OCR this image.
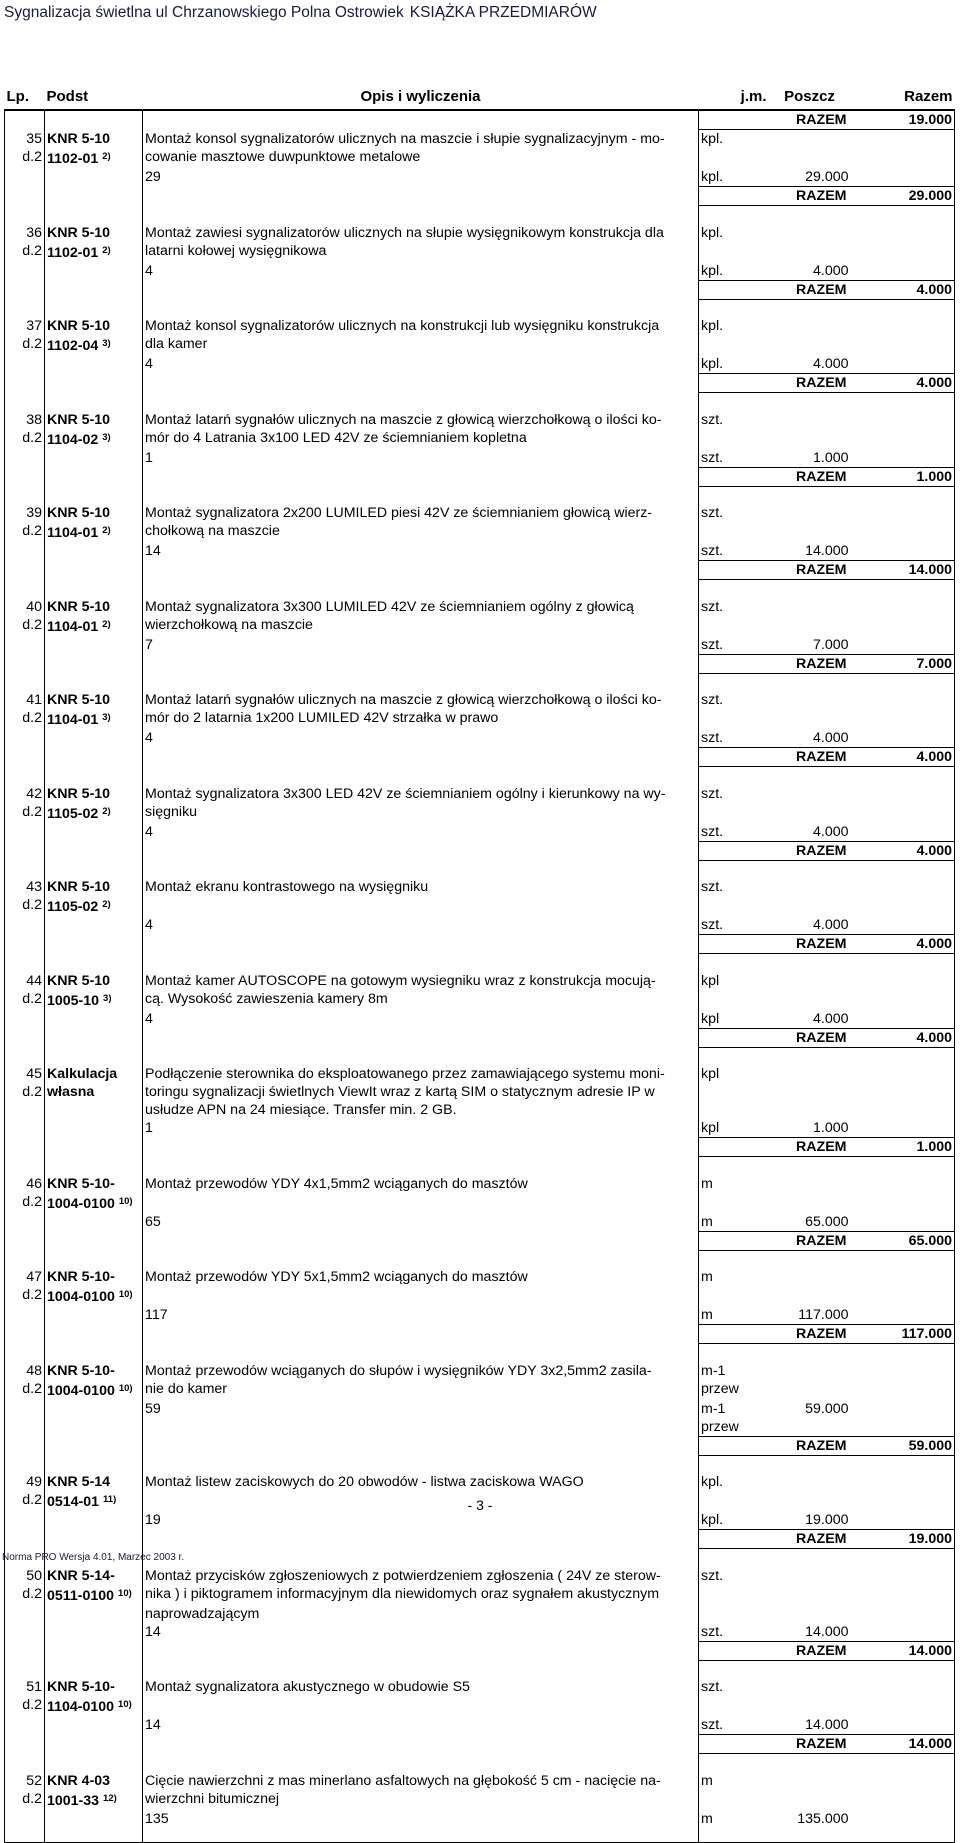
Sygnalizacja świetlna ul Chrzanowskiego Polna Ostrowiek KSIĄŻKA PRZEDMIARÓW
Lp.	Podst	Opis i wyliczenia	j.m.	Poszcz	Razem
			RAZEM		19.000
35	KNR 5-10	Montaż konsol sygnalizatorów ulicznych na maszcie i słupie sygnalizacyjnym - mo-	kpl.		
d.2	1102-01 $^{2)}$	cowanie masztowe duwpunktowe metalowe			
		29	kpl.	29.000	
			RAZEM		29.000

36	KNR 5-10	Montaż zawiesi sygnalizatorów ulicznych na słupie wysięgnikowym konstrukcja dla	kpl.		
d.2	1102-01 $^{2)}$	latarni kołowej wysięgnikowa			
		4	kpl.	4.000	
			RAZEM		4.000

37	KNR 5-10	Montaż konsol sygnalizatorów ulicznych na konstrukcji lub wysięgniku konstrukcja	kpl.		
d.2	1102-04 $^{3)}$	dla kamer			
		4	kpl.	4.000	
			RAZEM		4.000

38	KNR 5-10	Montaż latarń sygnałów ulicznych na maszcie z głowicą wierzchołkową o ilości ko-	szt.		
d.2	1104-02 $^{3)}$	mór do 4 Latrania 3x100 LED 42V ze ściemnianiem kopletna			
		1	szt.	1.000	
			RAZEM		1.000

39	KNR 5-10	Montaż sygnalizatora 2x200 LUMILED piesi 42V ze ściemnianiem głowicą wierz-	szt.		
d.2	1104-01 $^{2)}$	chołkową na maszcie			
		14	szt.	14.000	
			RAZEM		14.000

40	KNR 5-10	Montaż sygnalizatora 3x300 LUMILED 42V ze ściemnianiem ogólny z głowicą	szt.		
d.2	1104-01 $^{2)}$	wierzchołkową na maszcie			
		7	szt.	7.000	
			RAZEM		7.000

41	KNR 5-10	Montaż latarń sygnałów ulicznych na maszcie z głowicą wierzchołkową o ilości ko-	szt.		
d.2	1104-01 $^{3)}$	mór do 2 latarnia 1x200 LUMILED 42V strzałka w prawo			
		4	szt.	4.000	
			RAZEM		4.000

42	KNR 5-10	Montaż sygnalizatora 3x300 LED 42V ze ściemnianiem ogólny i kierunkowy na wy-	szt.		
d.2	1105-02 $^{2)}$	sięgniku			
		4	szt.	4.000	
			RAZEM		4.000

43	KNR 5-10	Montaż ekranu kontrastowego na wysięgniku	szt.		
d.2	1105-02 $^{2)}$				
		4	szt.	4.000	
			RAZEM		4.000

44	KNR 5-10	Montaż kamer AUTOSCOPE na gotowym wysiegniku wraz z konstrukcja mocują-	kpl		
d.2	1005-10 $^{3)}$	cą. Wysokość zawieszenia kamery 8m			
		4	kpl	4.000	
			RAZEM		4.000

45	Kalkulacja	Podłączenie sterownika do eksploatowanego przez zamawiającego systemu moni-	kpl		
d.2	własna	toringu sygnalizacji świetlnych ViewIt wraz z kartą SIM o statycznym adresie IP w			
		usłudze APN na 24 miesiące. Transfer min. 2 GB.			
		1	kpl	1.000	
			RAZEM		1.000

46	KNR 5-10-	Montaż przewodów YDY 4x1,5mm2 wciąganych do masztów	m		
d.2	1004-0100 $^{10)}$				
		65	m	65.000	
			RAZEM		65.000

47	KNR 5-10-	Montaż przewodów YDY 5x1,5mm2 wciąganych do masztów	m		
d.2	1004-0100 $^{10)}$				
		117	m	117.000	
			RAZEM		117.000

48	KNR 5-10-	Montaż przewodów wciąganych do słupów i wysięgników YDY 3x2,5mm2 zasila-	m-1		
d.2	1004-0100 $^{10)}$	nie do kamer	przew		
		59	m-1	59.000	
			przew		
			RAZEM		59.000

49	KNR 5-14	Montaż listew zaciskowych do 20 obwodów - listwa zaciskowa WAGO	kpl.		
d.2	0514-01 $^{11)}$				
		19	kpl.	19.000	
			RAZEM		19.000

50	KNR 5-14-	Montaż przycisków zgłoszeniowych z potwierdzeniem zgłoszenia ( 24V ze sterow-	szt.		
d.2	0511-0100 $^{10)}$	nika ) i piktogramem informacyjnym dla niewidomych oraz sygnałem akustycznym			
		naprowadzającym			
		14	szt.	14.000	
			RAZEM		14.000

51	KNR 5-10-	Montaż sygnalizatora akustycznego w obudowie S5	szt.		
d.2	1104-0100 $^{10)}$				
		14	szt.	14.000	
			RAZEM		14.000

52	KNR 4-03	Cięcie nawierzchni z mas minerlano asfaltowych na głębokość 5 cm - nacięcie na-	m		
d.2	1001-33 $^{12)}$	wierzchni bitumicznej			
		135	m	135.000	

- 3 -
Norma PRO Wersja 4.01, Marzec 2003 r.
